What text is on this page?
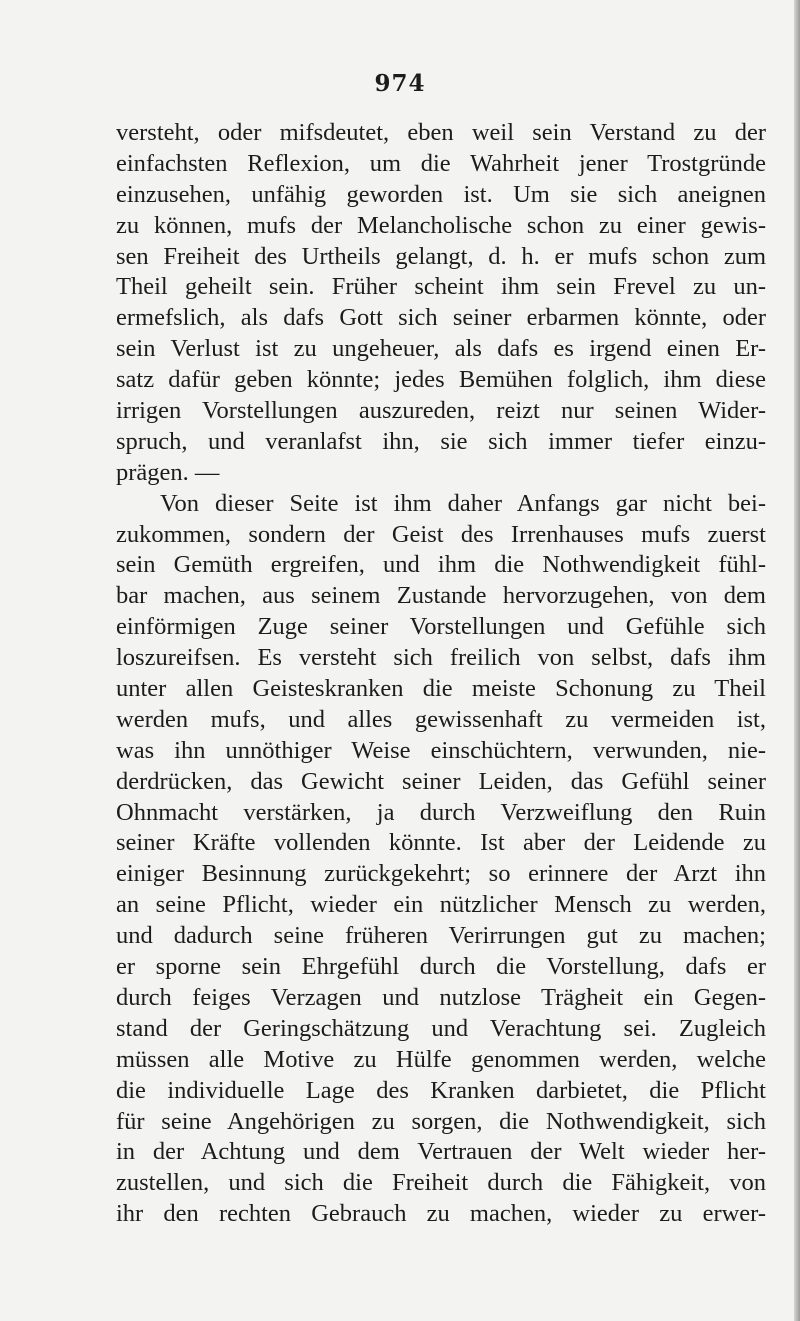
974
versteht, oder mifsdeutet, eben weil sein Verstand zu der
einfachsten Reflexion, um die Wahrheit jener Trostgründe
einzusehen, unfähig geworden ist. Um sie sich aneignen
zu können, mufs der Melancholische schon zu einer gewis-
sen Freiheit des Urtheils gelangt, d. h. er mufs schon zum
Theil geheilt sein. Früher scheint ihm sein Frevel zu un-
ermefslich, als dafs Gott sich seiner erbarmen könnte, oder
sein Verlust ist zu ungeheuer, als dafs es irgend einen Er-
satz dafür geben könnte; jedes Bemühen folglich, ihm diese
irrigen Vorstellungen auszureden, reizt nur seinen Wider-
spruch, und veranlafst ihn, sie sich immer tiefer einzu-
prägen. —
Von dieser Seite ist ihm daher Anfangs gar nicht bei-
zukommen, sondern der Geist des Irrenhauses mufs zuerst
sein Gemüth ergreifen, und ihm die Nothwendigkeit fühl-
bar machen, aus seinem Zustande hervorzugehen, von dem
einförmigen Zuge seiner Vorstellungen und Gefühle sich
loszureifsen. Es versteht sich freilich von selbst, dafs ihm
unter allen Geisteskranken die meiste Schonung zu Theil
werden mufs, und alles gewissenhaft zu vermeiden ist,
was ihn unnöthiger Weise einschüchtern, verwunden, nie-
derdrücken, das Gewicht seiner Leiden, das Gefühl seiner
Ohnmacht verstärken, ja durch Verzweiflung den Ruin
seiner Kräfte vollenden könnte. Ist aber der Leidende zu
einiger Besinnung zurückgekehrt; so erinnere der Arzt ihn
an seine Pflicht, wieder ein nützlicher Mensch zu werden,
und dadurch seine früheren Verirrungen gut zu machen;
er sporne sein Ehrgefühl durch die Vorstellung, dafs er
durch feiges Verzagen und nutzlose Trägheit ein Gegen-
stand der Geringschätzung und Verachtung sei. Zugleich
müssen alle Motive zu Hülfe genommen werden, welche
die individuelle Lage des Kranken darbietet, die Pflicht
für seine Angehörigen zu sorgen, die Nothwendigkeit, sich
in der Achtung und dem Vertrauen der Welt wieder her-
zustellen, und sich die Freiheit durch die Fähigkeit, von
ihr den rechten Gebrauch zu machen, wieder zu erwer-
